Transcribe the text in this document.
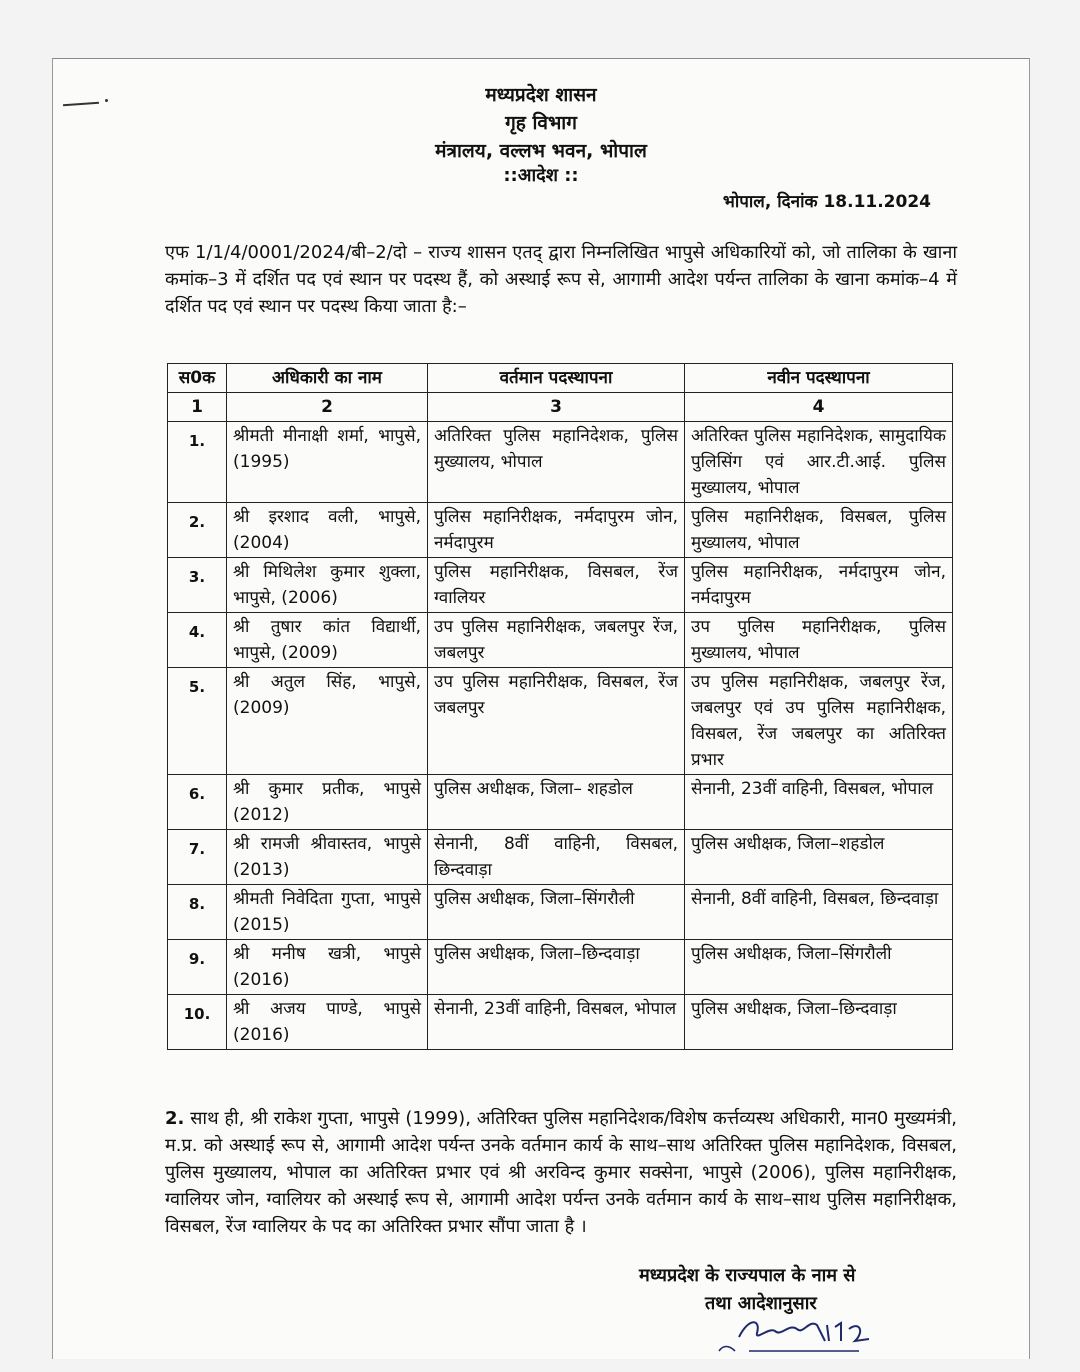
मध्यप्रदेश शासन
गृह विभाग
मंत्रालय, वल्लभ भवन, भोपाल
::आदेश ::
भोपाल, दिनांक 18.11.2024
एफ 1/1/4/0001/2024/बी–2/दो – राज्य शासन एतद् द्वारा निम्नलिखित भापुसे अधिकारियों को, जो तालिका के खाना कमांक–3 में दर्शित पद एवं स्थान पर पदस्थ हैं, को अस्थाई रूप से, आगामी आदेश पर्यन्त तालिका के खाना कमांक–4 में दर्शित पद एवं स्थान पर पदस्थ किया जाता है:–
स0क	अधिकारी का नाम	वर्तमान पदस्थापना	नवीन पदस्थापना
1	2	3	4
1.	श्रीमती मीनाक्षी शर्मा, भापुसे, (1995)	अतिरिक्त पुलिस महानिदेशक, पुलिस मुख्यालय, भोपाल	अतिरिक्त पुलिस महानिदेशक, सामुदायिक पुलिसिंग एवं आर.टी.आई. पुलिस मुख्यालय, भोपाल
2.	श्री इरशाद वली, भापुसे, (2004)	पुलिस महानिरीक्षक, नर्मदापुरम जोन, नर्मदापुरम	पुलिस महानिरीक्षक, विसबल, पुलिस मुख्यालय, भोपाल
3.	श्री मिथिलेश कुमार शुक्ला, भापुसे, (2006)	पुलिस महानिरीक्षक, विसबल, रेंज ग्वालियर	पुलिस महानिरीक्षक, नर्मदापुरम जोन, नर्मदापुरम
4.	श्री तुषार कांत विद्यार्थी, भापुसे, (2009)	उप पुलिस महानिरीक्षक, जबलपुर रेंज, जबलपुर	उप पुलिस महानिरीक्षक, पुलिस मुख्यालय, भोपाल
5.	श्री अतुल सिंह, भापुसे, (2009)	उप पुलिस महानिरीक्षक, विसबल, रेंज जबलपुर	उप पुलिस महानिरीक्षक, जबलपुर रेंज, जबलपुर एवं उप पुलिस महानिरीक्षक, विसबल, रेंज जबलपुर का अतिरिक्त प्रभार
6.	श्री कुमार प्रतीक, भापुसे (2012)	पुलिस अधीक्षक, जिला– शहडोल	सेनानी, 23वीं वाहिनी, विसबल, भोपाल
7.	श्री रामजी श्रीवास्तव, भापुसे (2013)	सेनानी, 8वीं वाहिनी, विसबल, छिन्दवाड़ा	पुलिस अधीक्षक, जिला–शहडोल
8.	श्रीमती निवेदिता गुप्ता, भापुसे (2015)	पुलिस अधीक्षक, जिला–सिंगरौली	सेनानी, 8वीं वाहिनी, विसबल, छिन्दवाड़ा
9.	श्री मनीष खत्री, भापुसे (2016)	पुलिस अधीक्षक, जिला–छिन्दवाड़ा	पुलिस अधीक्षक, जिला–सिंगरौली
10.	श्री अजय पाण्डे, भापुसे (2016)	सेनानी, 23वीं वाहिनी, विसबल, भोपाल	पुलिस अधीक्षक, जिला–छिन्दवाड़ा
2. साथ ही, श्री राकेश गुप्ता, भापुसे (1999), अतिरिक्त पुलिस महानिदेशक/विशेष कर्त्तव्यस्थ अधिकारी, मान0 मुख्यमंत्री, म.प्र. को अस्थाई रूप से, आगामी आदेश पर्यन्त उनके वर्तमान कार्य के साथ–साथ अतिरिक्त पुलिस महानिदेशक, विसबल, पुलिस मुख्यालय, भोपाल का अतिरिक्त प्रभार एवं श्री अरविन्द कुमार सक्सेना, भापुसे (2006), पुलिस महानिरीक्षक, ग्वालियर जोन, ग्वालियर को अस्थाई रूप से, आगामी आदेश पर्यन्त उनके वर्तमान कार्य के साथ–साथ पुलिस महानिरीक्षक, विसबल, रेंज ग्वालियर के पद का अतिरिक्त प्रभार सौंपा जाता है ।
मध्यप्रदेश के राज्यपाल के नाम से
तथा आदेशानुसार
